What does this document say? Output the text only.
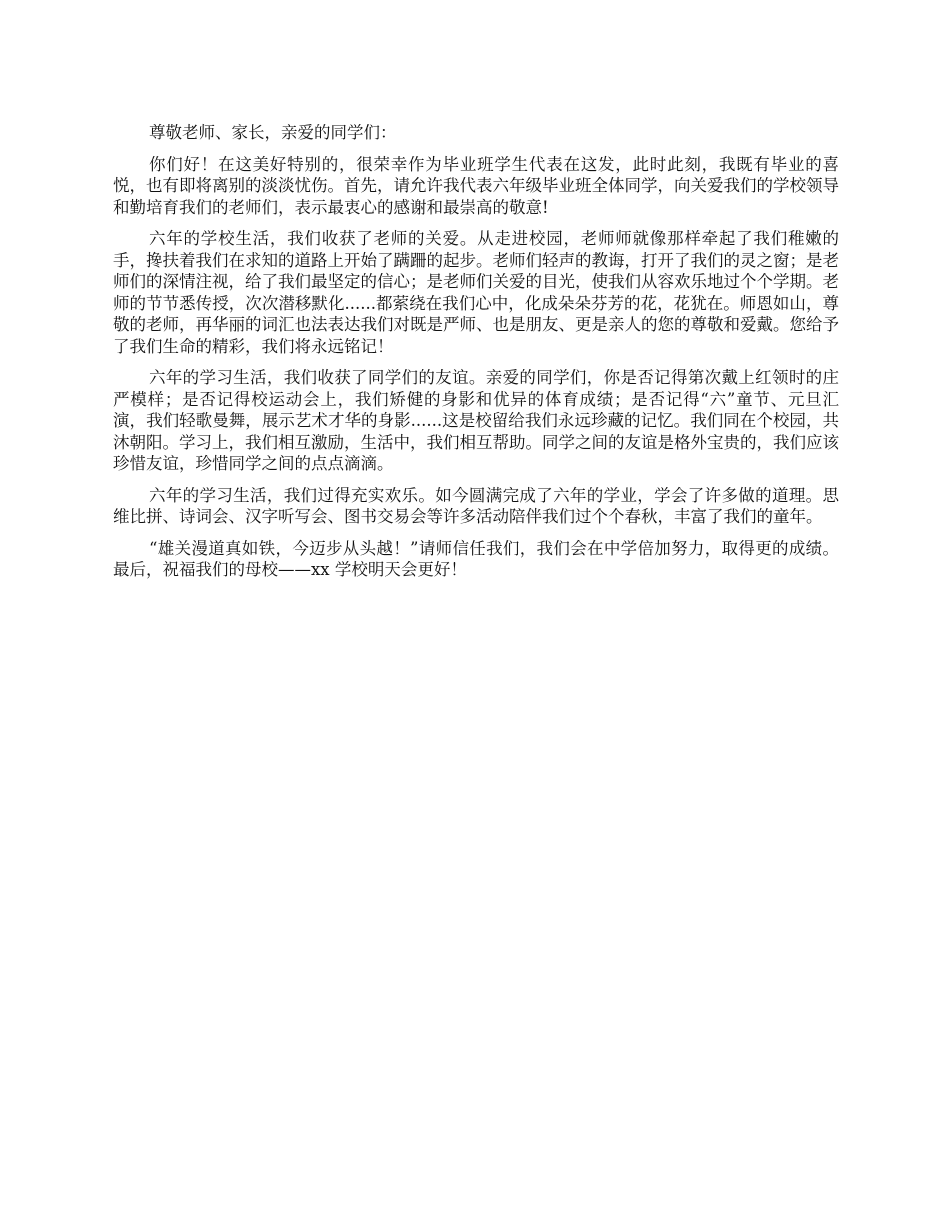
尊敬老师、家长，亲爱的同学们：

你们好！在这美好特别的，很荣幸作为毕业班学生代表在这发，此时此刻，我既有毕业的喜悦，也有即将离别的淡淡忧伤。首先，请允许我代表六年级毕业班全体同学，向关爱我们的学校领导和勤培育我们的老师们，表示最衷心的感谢和最崇高的敬意!

六年的学校生活，我们收获了老师的关爱。从走进校园，老师师就像那样牵起了我们稚嫩的手，搀扶着我们在求知的道路上开始了蹒跚的起步。老师们轻声的教诲，打开了我们的灵之窗；是老师们的深情注视，给了我们最坚定的信心；是老师们关爱的目光，使我们从容欢乐地过个个学期。老师的节节悉传授，次次潜移默化......都萦绕在我们心中，化成朵朵芬芳的花，花犹在。师恩如山，尊敬的老师，再华丽的词汇也法表达我们对既是严师、也是朋友、更是亲人的您的尊敬和爱戴。您给予了我们生命的精彩，我们将永远铭记！

六年的学习生活，我们收获了同学们的友谊。亲爱的同学们，你是否记得第次戴上红领时的庄严模样；是否记得校运动会上，我们矫健的身影和优异的体育成绩；是否记得“六”童节、元旦汇演，我们轻歌曼舞，展示艺术才华的身影......这是校留给我们永远珍藏的记忆。我们同在个校园，共沐朝阳。学习上，我们相互激励，生活中，我们相互帮助。同学之间的友谊是格外宝贵的，我们应该珍惜友谊，珍惜同学之间的点点滴滴。

六年的学习生活，我们过得充实欢乐。如今圆满完成了六年的学业，学会了许多做的道理。思维比拼、诗词会、汉字听写会、图书交易会等许多活动陪伴我们过个个春秋，丰富了我们的童年。

“雄关漫道真如铁，今迈步从头越！”请师信任我们，我们会在中学倍加努力，取得更的成绩。最后，祝福我们的母校——xx 学校明天会更好！
